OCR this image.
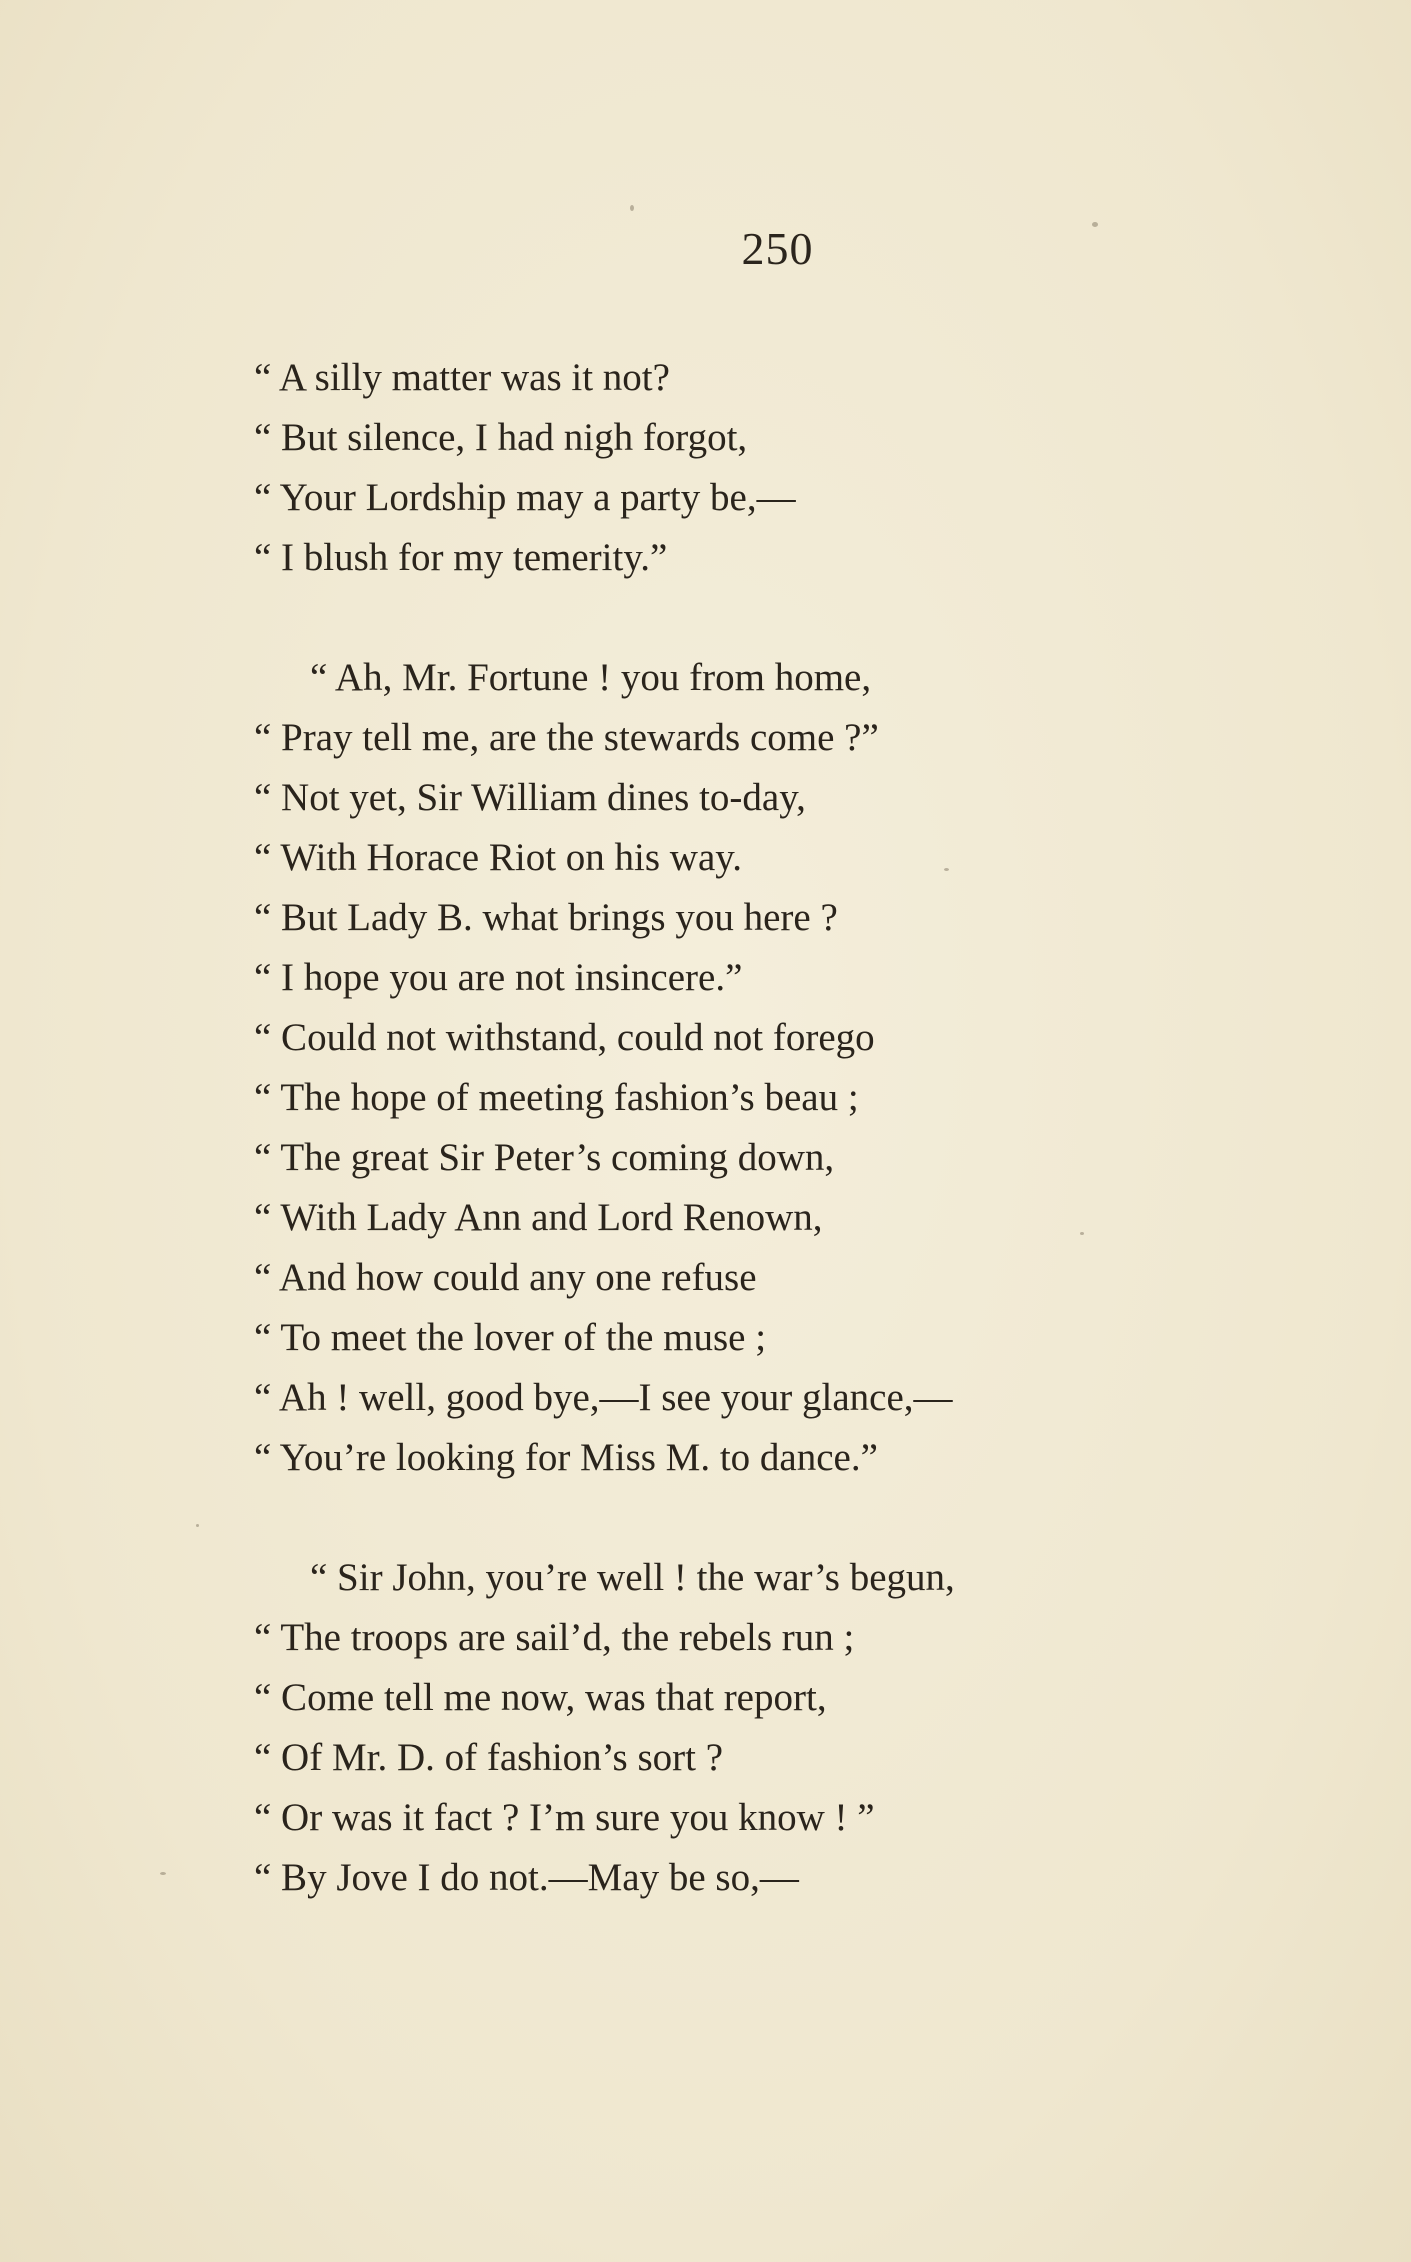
250
“ A silly matter was it not?
“ But silence, I had nigh forgot,
“ Your Lordship may a party be,—
“ I blush for my temerity.”
“ Ah, Mr. Fortune ! you from home,
“ Pray tell me, are the stewards come ?”
“ Not yet, Sir William dines to-day,
“ With Horace Riot on his way.
“ But Lady B. what brings you here ?
“ I hope you are not insincere.”
“ Could not withstand, could not forego
“ The hope of meeting fashion’s beau ;
“ The great Sir Peter’s coming down,
“ With Lady Ann and Lord Renown,
“ And how could any one refuse
“ To meet the lover of the muse ;
“ Ah ! well, good bye,—I see your glance,—
“ You’re looking for Miss M. to dance.”
“ Sir John, you’re well ! the war’s begun,
“ The troops are sail’d, the rebels run ;
“ Come tell me now, was that report,
“ Of Mr. D. of fashion’s sort ?
“ Or was it fact ? I’m sure you know ! ”
“ By Jove I do not.—May be so,—
